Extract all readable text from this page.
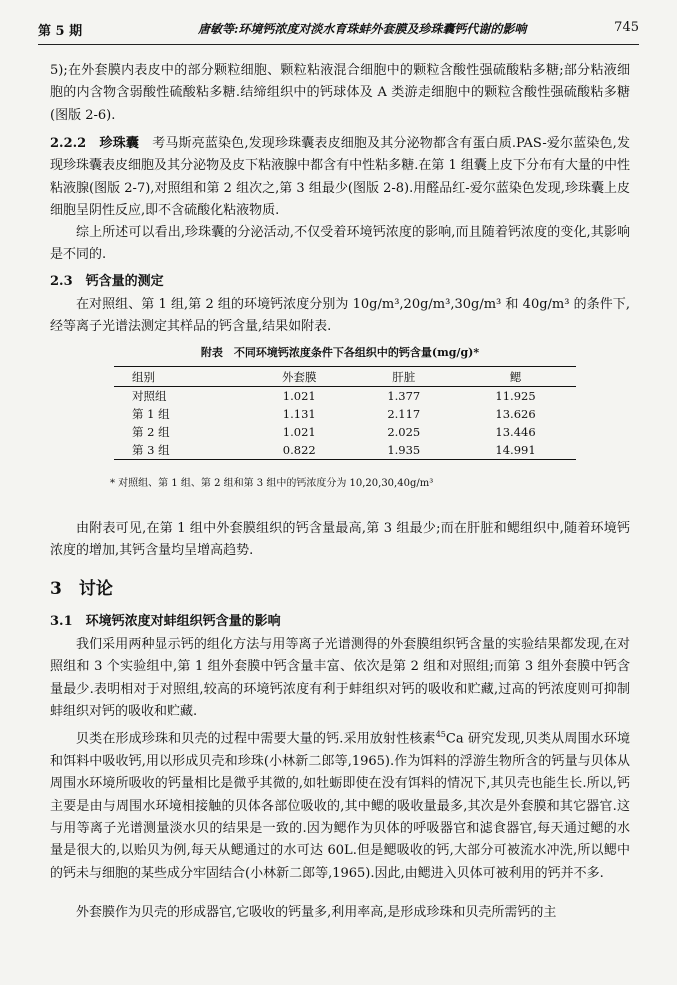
第 5 期	唐敏等:环境钙浓度对淡水育珠蚌外套膜及珍珠囊钙代谢的影响	745

5);在外套膜内表皮中的部分颗粒细胞、颗粒粘液混合细胞中的颗粒含酸性强硫酸粘多糖;部分粘液细胞的内含物含弱酸性硫酸粘多糖.结缔组织中的钙球体及 A 类游走细胞中的颗粒含酸性强硫酸粘多糖(图版 2-6).

2.2.2　 珍珠囊　 考马斯亮蓝染色,发现珍珠囊表皮细胞及其分泌物都含有蛋白质.PAS-爱尔蓝染色,发现珍珠囊表皮细胞及其分泌物及皮下粘液腺中都含有中性粘多糖.在第 1 组囊上皮下分布有大量的中性粘液腺(图版 2-7),对照组和第 2 组次之,第 3 组最少(图版 2-8).用醛品红-爱尔蓝染色发现,珍珠囊上皮细胞呈阴性反应,即不含硫酸化粘液物质.

综上所述可以看出,珍珠囊的分泌活动,不仅受着环境钙浓度的影响,而且随着钙浓度的变化,其影响是不同的.

2.3　 钙含量的测定

在对照组、第 1 组,第 2 组的环境钙浓度分别为 10g/m³,20g/m³,30g/m³ 和 40g/m³ 的条件下,经等离子光谱法测定其样品的钙含量,结果如附表.

附表　不同环境钙浓度条件下各组织中的钙含量(mg/g)*

组别	外套膜	肝脏	鳃
对照组	1.021	1.377	11.925
第 1 组	1.131	2.117	13.626
第 2 组	1.021	2.025	13.446
第 3 组	0.822	1.935	14.991

* 对照组、第 1 组、第 2 组和第 3 组中的钙浓度分为 10,20,30,40g/m³

由附表可见,在第 1 组中外套膜组织的钙含量最高,第 3 组最少;而在肝脏和鳃组织中,随着环境钙浓度的增加,其钙含量均呈增高趋势.

3　 讨论

3.1　 环境钙浓度对蚌组织钙含量的影响

我们采用两种显示钙的组化方法与用等离子光谱测得的外套膜组织钙含量的实验结果都发现,在对照组和 3 个实验组中,第 1 组外套膜中钙含量丰富、依次是第 2 组和对照组;而第 3 组外套膜中钙含量最少.表明相对于对照组,较高的环境钙浓度有利于蚌组织对钙的吸收和贮藏,过高的钙浓度则可抑制蚌组织对钙的吸收和贮藏.

贝类在形成珍珠和贝壳的过程中需要大量的钙.采用放射性核素$^{45}$Ca 研究发现,贝类从周围水环境和饵料中吸收钙,用以形成贝壳和珍珠(小林新二郎等,1965).作为饵料的浮游生物所含的钙量与贝体从周围水环境所吸收的钙量相比是微乎其微的,如牡蛎即使在没有饵料的情况下,其贝壳也能生长.所以,钙主要是由与周围水环境相接触的贝体各部位吸收的,其中鳃的吸收量最多,其次是外套膜和其它器官.这与用等离子光谱测量淡水贝的结果是一致的.因为鳃作为贝体的呼吸器官和滤食器官,每天通过鳃的水量是很大的,以贻贝为例,每天从鳃通过的水可达 60L.但是鳃吸收的钙,大部分可被流水冲洗,所以鳃中的钙未与细胞的某些成分牢固结合(小林新二郎等,1965).因此,由鳃进入贝体可被利用的钙并不多.

外套膜作为贝壳的形成器官,它吸收的钙量多,利用率高,是形成珍珠和贝壳所需钙的主
